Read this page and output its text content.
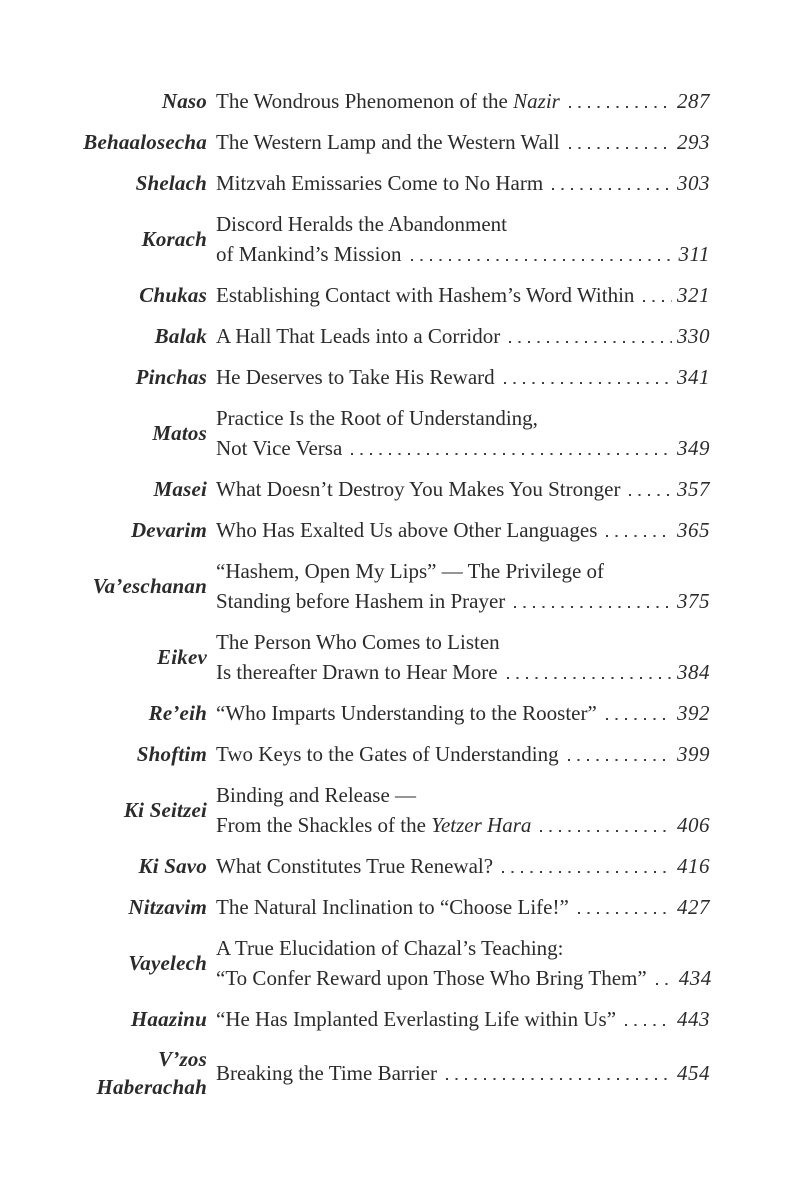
Naso The Wondrous Phenomenon of the Nazir	287
Behaalosecha The Western Lamp and the Western Wall	293
Shelach Mitzvah Emissaries Come to No Harm	303
Korach
Discord Heralds the Abandonment
of Mankind’s Mission	311
Chukas Establishing Contact with Hashem’s Word Within 321
Balak A Hall That Leads into a Corridor	330
Pinchas He Deserves to Take His Reward	341
Matos
Practice Is the Root of Understanding,
Not Vice Versa	349
Masei What Doesn’t Destroy You Makes You Stronger	357
Devarim Who Has Exalted Us above Other Languages	365
Va’eschanan
“Hashem, Open My Lips” — The Privilege of
Standing before Hashem in Prayer	375
Eikev
The Person Who Comes to Listen
Is thereafter Drawn to Hear More	384
Re’eih “Who Imparts Understanding to the Rooster”	392
Shoftim Two Keys to the Gates of Understanding	399
Ki Seitzei
Binding and Release —
From the Shackles of the Yetzer Hara	406
Ki Savo What Constitutes True Renewal?	416
Nitzavim The Natural Inclination to “Choose Life!”	427
Vayelech
A True Elucidation of Chazal’s Teaching:
“To Confer Reward upon Those Who Bring Them” 434
Haazinu “He Has Implanted Everlasting Life within Us”	443
V’zos
Haberachah
Breaking the Time Barrier	454
